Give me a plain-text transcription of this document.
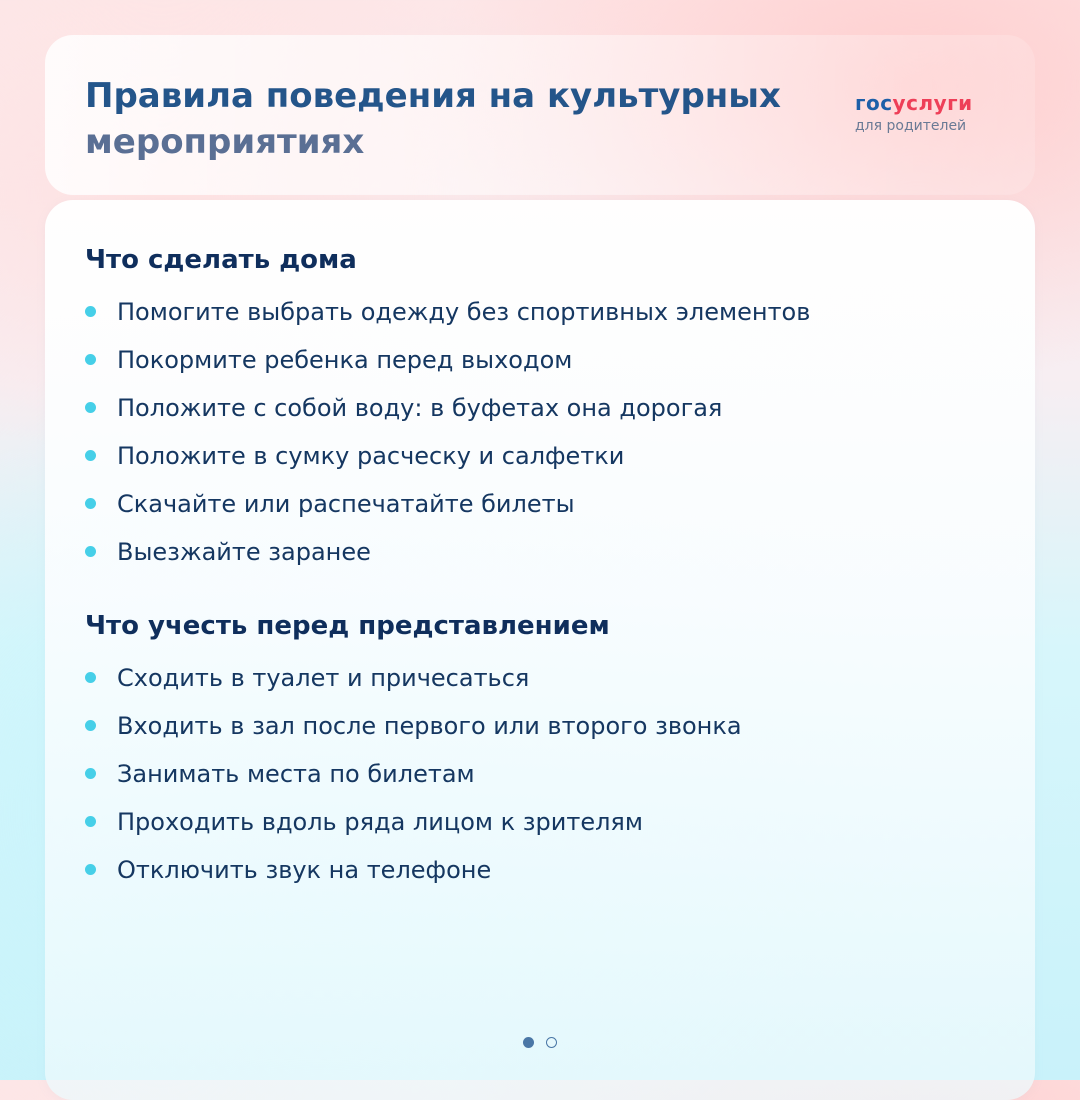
Правила поведения на культурных
мероприятиях
госуслуги
для родителей
Что сделать дома
Помогите выбрать одежду без спортивных элементов
Покормите ребенка перед выходом
Положите с собой воду: в буфетах она дорогая
Положите в сумку расческу и салфетки
Скачайте или распечатайте билеты
Выезжайте заранее
Что учесть перед представлением
Сходить в туалет и причесаться
Входить в зал после первого или второго звонка
Занимать места по билетам
Проходить вдоль ряда лицом к зрителям
Отключить звук на телефоне
